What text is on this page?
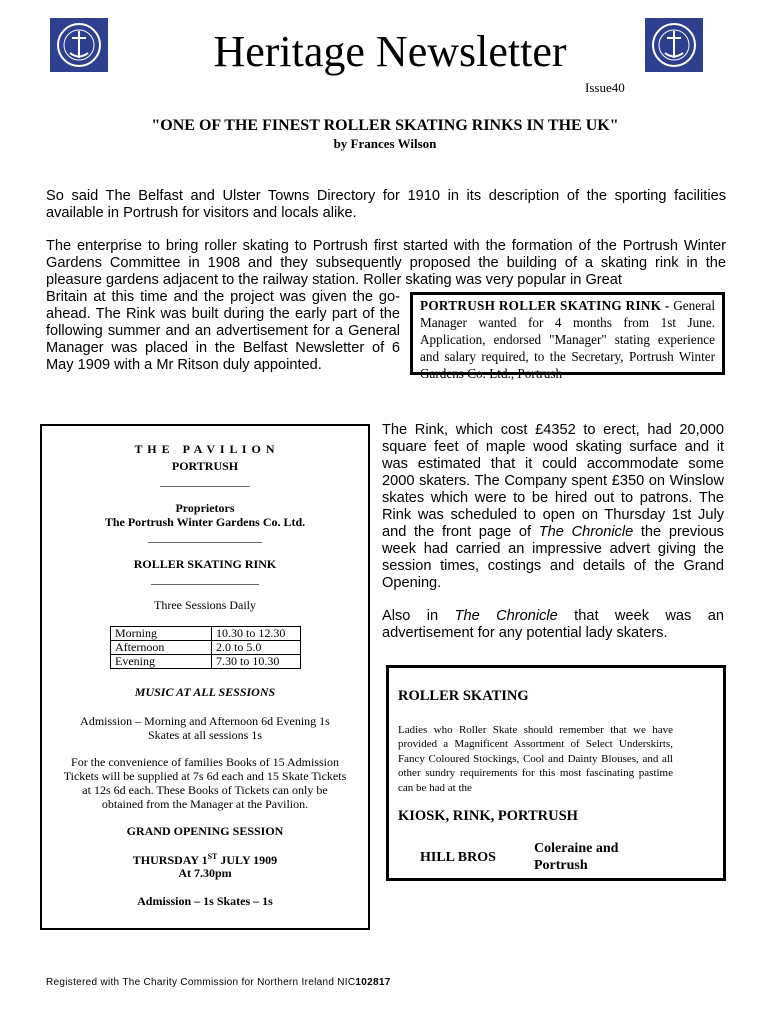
Heritage Newsletter
Issue40
"ONE OF THE FINEST ROLLER SKATING RINKS IN THE UK"
by Frances Wilson

So said The Belfast and Ulster Towns Directory for 1910 in its description of the sporting facilities available in Portrush for visitors and locals alike.

The enterprise to bring roller skating to Portrush first started with the formation of the Portrush Winter Gardens Committee in 1908 and they subsequently proposed the building of a skating rink in the pleasure gardens adjacent to the railway station. Roller skating was very popular in Great

Britain at this time and the project was given the go-ahead. The Rink was built during the early part of the following summer and an advertisement for a General Manager was placed in the Belfast Newsletter of 6 May 1909 with a Mr Ritson duly appointed.

PORTRUSH ROLLER SKATING RINK - General Manager wanted for 4 months from 1st June. Application, endorsed "Manager" stating experience and salary required, to the Secretary, Portrush Winter Gardens Co. Ltd., Portrush
T H E   P A V I L I O N
PORTRUSH
_______________
Proprietors
The Portrush Winter Gardens Co. Ltd.
___________________
ROLLER SKATING RINK
__________________
Three Sessions Daily
Morning	10.30 to 12.30
Afternoon	2.0 to 5.0
Evening	7.30 to 10.30
MUSIC AT ALL SESSIONS
Admission – Morning and Afternoon 6d Evening 1s
Skates at all sessions 1s
For the convenience of families Books of 15 Admission
Tickets will be supplied at 7s 6d each and 15 Skate Tickets
at 12s 6d each. These Books of Tickets can only be
obtained from the Manager at the Pavilion.
GRAND OPENING SESSION
THURSDAY 1ST JULY 1909
At 7.30pm
Admission – 1s Skates – 1s

The Rink, which cost £4352 to erect, had 20,000 square feet of maple wood skating surface and it was estimated that it could accommodate some 2000 skaters. The Company spent £350 on Winslow skates which were to be hired out to patrons. The Rink was scheduled to open on Thursday 1st July and the front page of The Chronicle the previous week had carried an impressive advert giving the session times, costings and details of the Grand Opening.

Also in The Chronicle that week was an advertisement for any potential lady skaters.

ROLLER SKATING
Ladies who Roller Skate should remember that we have provided a Magnificent Assortment of Select Underskirts, Fancy Coloured Stockings, Cool and Dainty Blouses, and all other sundry requirements for this most fascinating pastime can be had at the
KIOSK, RINK, PORTRUSH
HILL BROS
Coleraine and
Portrush
Registered with The Charity Commission for Northern Ireland NIC102817
